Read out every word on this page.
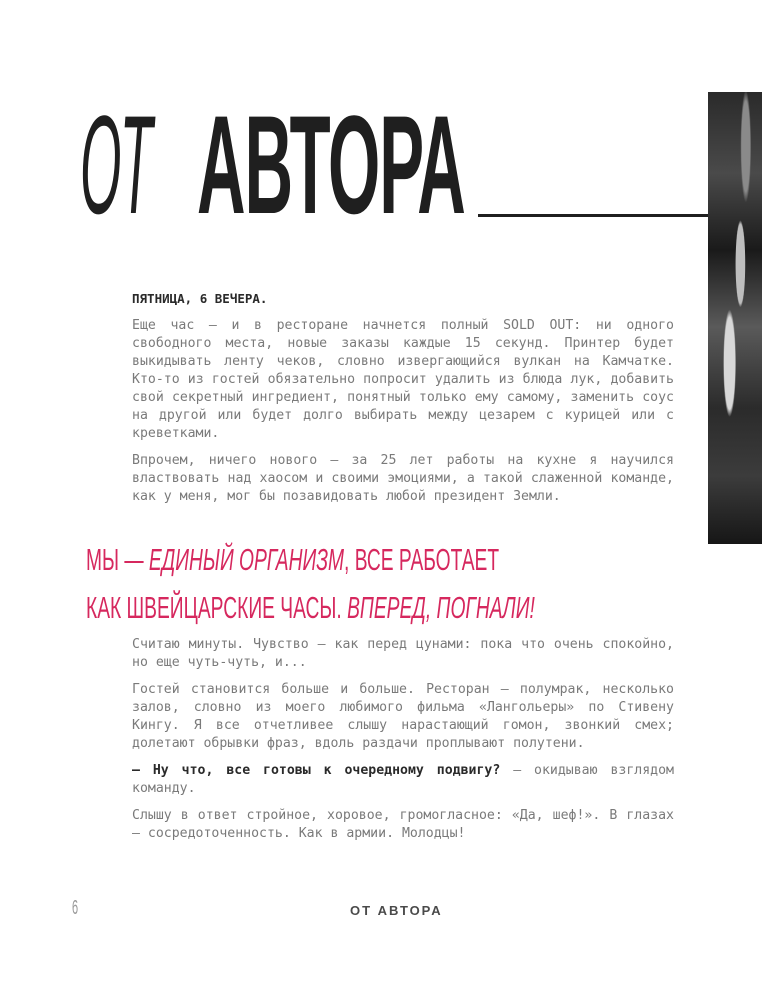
ОТ АВТОРА

ПЯТНИЦА, 6 ВЕЧЕРА.

Еще час — и в ресторане начнется полный SOLD OUT: ни одного свободного места, новые заказы каждые 15 секунд. Принтер будет выкидывать ленту чеков, словно извергающийся вулкан на Камчатке. Кто-то из гостей обязательно попросит удалить из блюда лук, добавить свой секретный ингредиент, понятный только ему самому, заменить соус на другой или будет долго выбирать между цезарем с курицей или с креветками.

Впрочем, ничего нового — за 25 лет работы на кухне я научился властвовать над хаосом и своими эмоциями, а такой слаженной команде, как у меня, мог бы позавидовать любой президент Земли.

МЫ — ЕДИНЫЙ ОРГАНИЗМ, ВСЕ РАБОТАЕТ
КАК ШВЕЙЦАРСКИЕ ЧАСЫ. ВПЕРЕД, ПОГНАЛИ!

Считаю минуты. Чувство — как перед цунами: пока что очень спокойно, но еще чуть-чуть, и...

Гостей становится больше и больше. Ресторан — полумрак, несколько залов, словно из моего любимого фильма «Лангольеры» по Стивену Кингу. Я все отчетливее слышу нарастающий гомон, звонкий смех; долетают обрывки фраз, вдоль раздачи проплывают полутени.

— Ну что, все готовы к очередному подвигу? — окидываю взглядом команду.

Слышу в ответ стройное, хоровое, громогласное: «Да, шеф!». В глазах — сосредоточенность. Как в армии. Молодцы!

6	ОТ АВТОРА
